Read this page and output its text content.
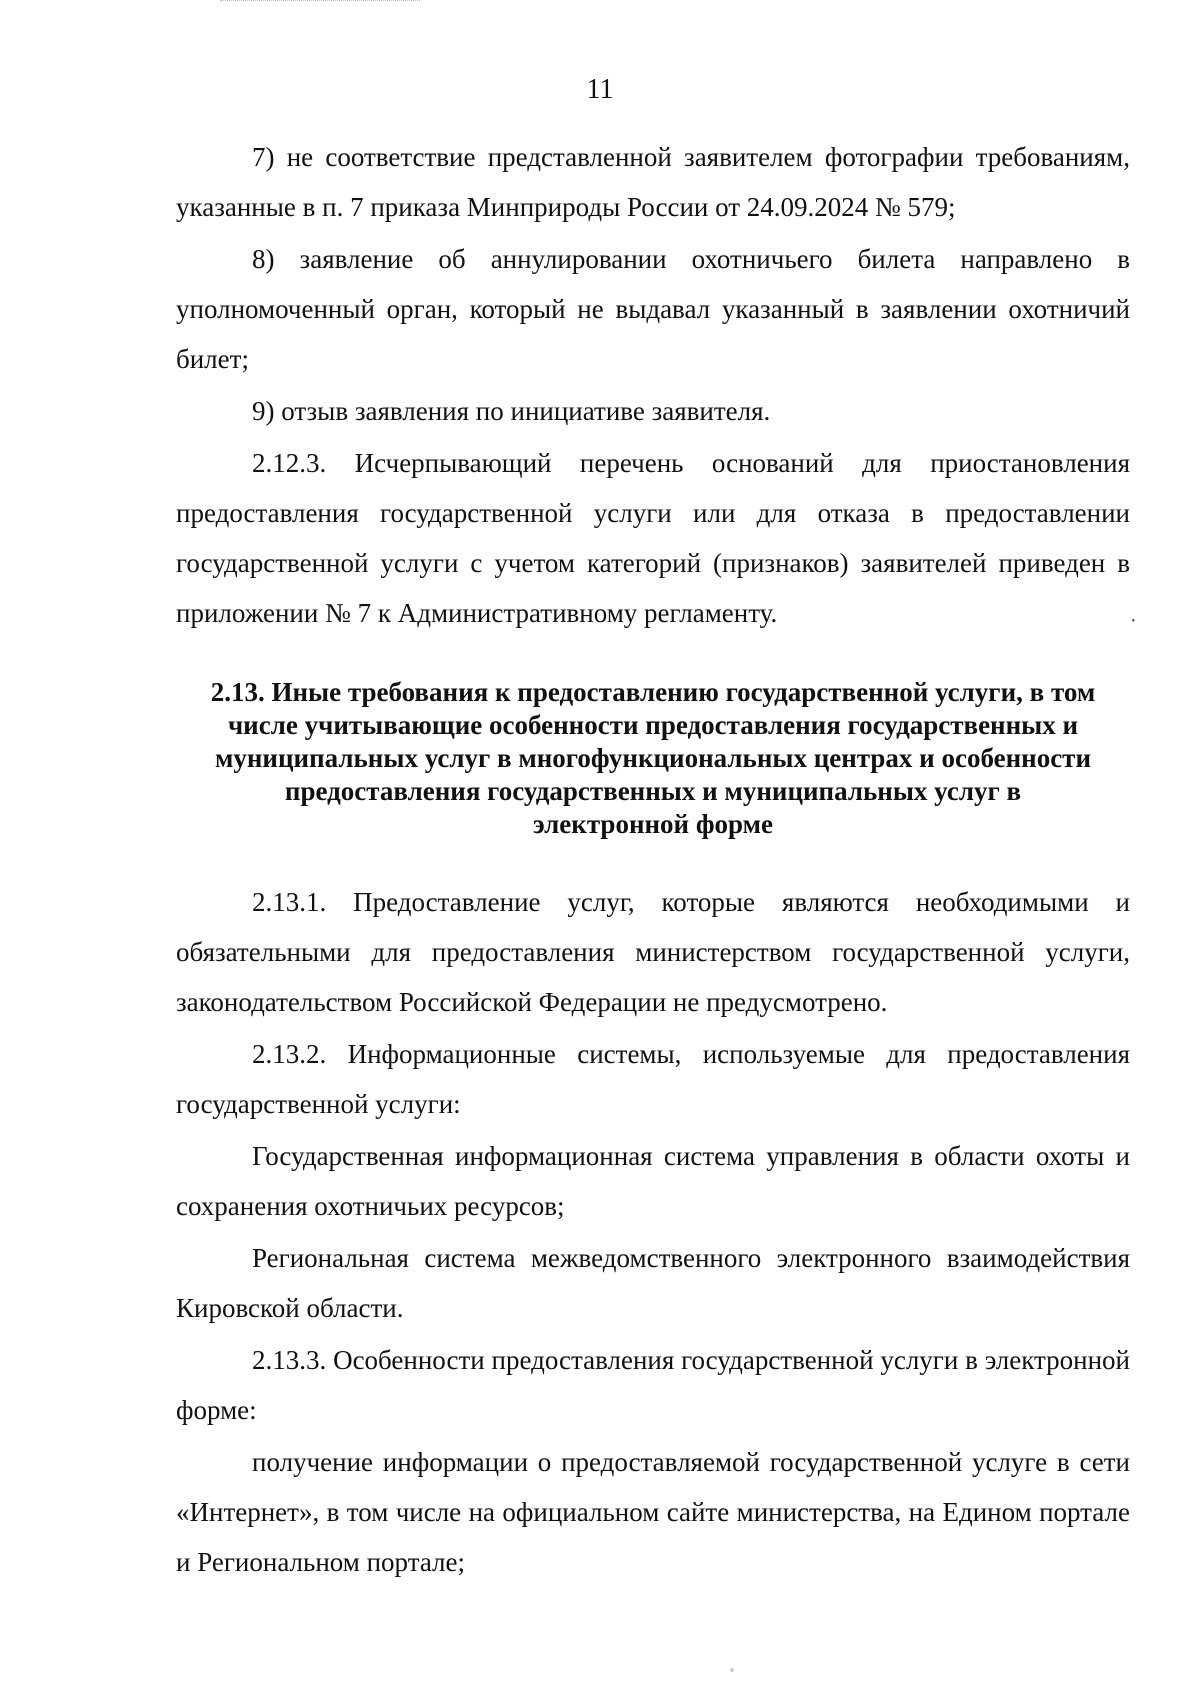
11

7) не соответствие представленной заявителем фотографии требованиям, указанные в п. 7 приказа Минприроды России от 24.09.2024 № 579;

8) заявление об аннулировании охотничьего билета направлено в уполномоченный орган, который не выдавал указанный в заявлении охотничий билет;

9) отзыв заявления по инициативе заявителя.

2.12.3. Исчерпывающий перечень оснований для приостановления предоставления государственной услуги или для отказа в предоставлении государственной услуги с учетом категорий (признаков) заявителей приведен в приложении № 7 к Административному регламенту.

2.13. Иные требования к предоставлению государственной услуги, в том
числе учитывающие особенности предоставления государственных и
муниципальных услуг в многофункциональных центрах и особенности
предоставления государственных и муниципальных услуг в
электронной форме

2.13.1. Предоставление услуг, которые являются необходимыми и обязательными для предоставления министерством государственной услуги, законодательством Российской Федерации не предусмотрено.

2.13.2. Информационные системы, используемые для предоставления государственной услуги:

Государственная информационная система управления в области охоты и сохранения охотничьих ресурсов;

Региональная система межведомственного электронного взаимодействия Кировской области.

2.13.3. Особенности предоставления государственной услуги в электронной форме:

получение информации о предоставляемой государственной услуге в сети «Интернет», в том числе на официальном сайте министерства, на Едином портале и Региональном портале;

·
